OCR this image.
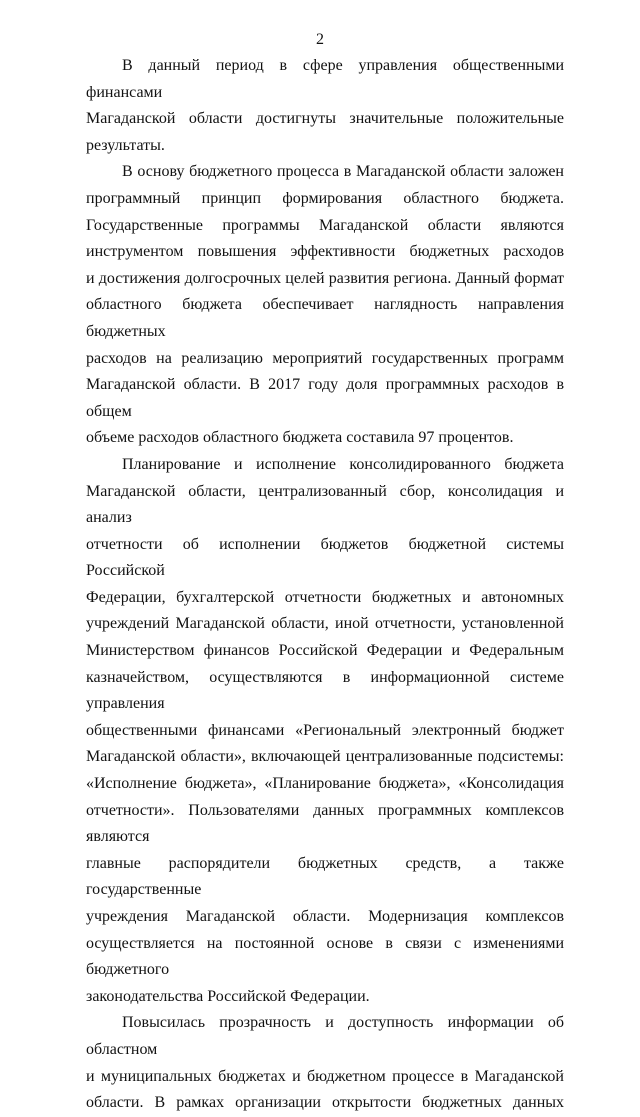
2
В данный период в сфере управления общественными финансами
Магаданской области достигнуты значительные положительные
результаты.
В основу бюджетного процесса в Магаданской области заложен
программный принцип формирования областного бюджета.
Государственные программы Магаданской области являются
инструментом повышения эффективности бюджетных расходов
и достижения долгосрочных целей развития региона. Данный формат
областного бюджета обеспечивает наглядность направления бюджетных
расходов на реализацию мероприятий государственных программ
Магаданской области. В 2017 году доля программных расходов в общем
объеме расходов областного бюджета составила 97 процентов.
Планирование и исполнение консолидированного бюджета
Магаданской области, централизованный сбор, консолидация и анализ
отчетности об исполнении бюджетов бюджетной системы Российской
Федерации, бухгалтерской отчетности бюджетных и автономных
учреждений Магаданской области, иной отчетности, установленной
Министерством финансов Российской Федерации и Федеральным
казначейством, осуществляются в информационной системе управления
общественными финансами «Региональный электронный бюджет
Магаданской области», включающей централизованные подсистемы:
«Исполнение бюджета», «Планирование бюджета», «Консолидация
отчетности». Пользователями данных программных комплексов являются
главные распорядители бюджетных средств, а также государственные
учреждения Магаданской области. Модернизация комплексов
осуществляется на постоянной основе в связи с изменениями бюджетного
законодательства Российской Федерации.
Повысилась прозрачность и доступность информации об областном
и муниципальных бюджетах и бюджетном процессе в Магаданской
области. В рамках организации открытости бюджетных данных
